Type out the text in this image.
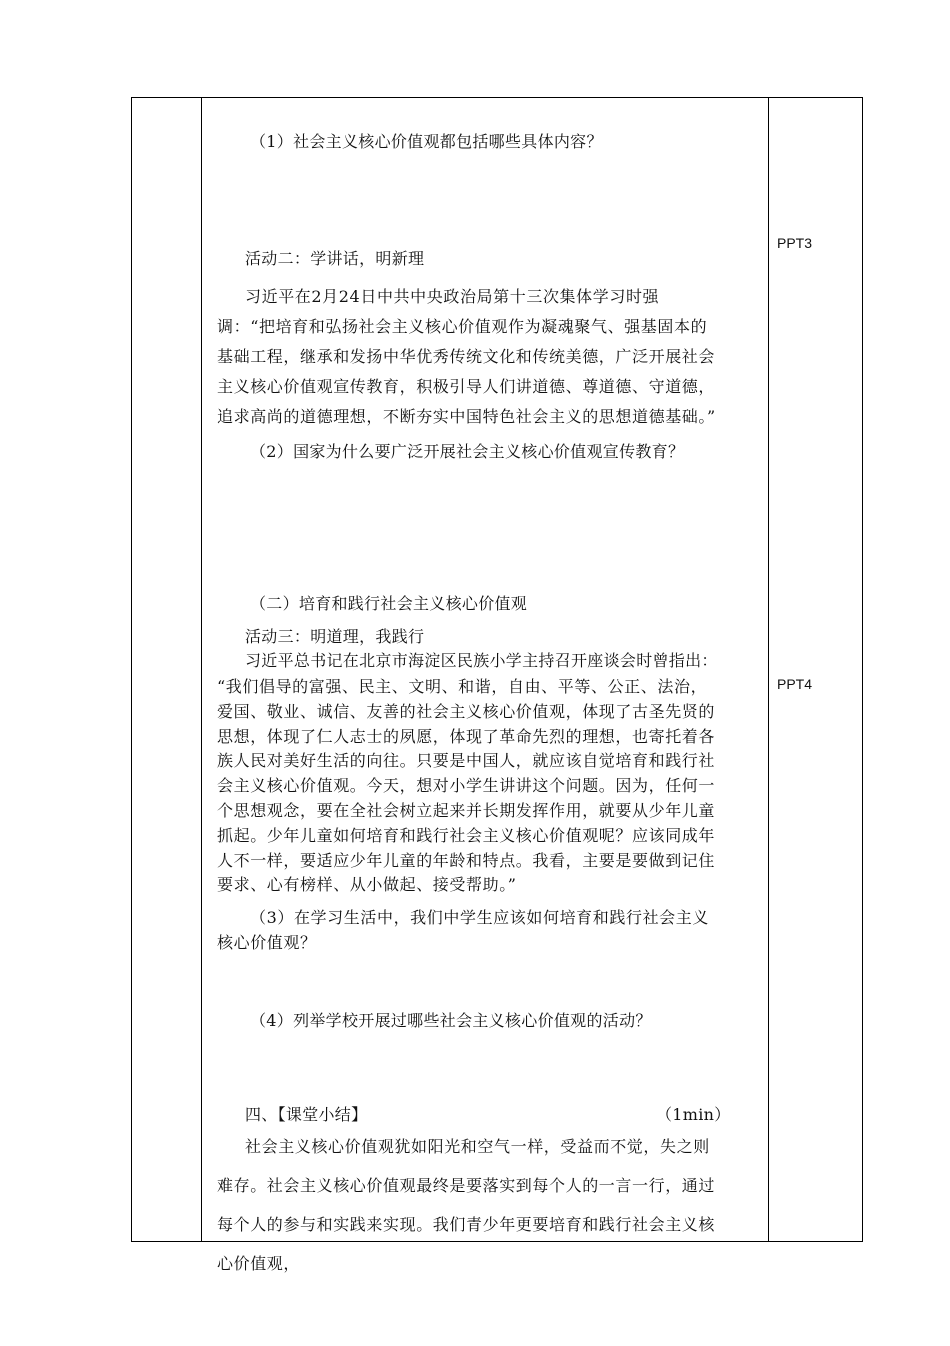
（1）社会主义核心价值观都包括哪些具体内容？
活动二：学讲话，明新理
习近平在2月24日中共中央政治局第十三次集体学习时强调：“把培育和弘扬社会主义核心价值观作为凝魂聚气、强基固本的基础工程，继承和发扬中华优秀传统文化和传统美德，广泛开展社会主义核心价值观宣传教育，积极引导人们讲道德、尊道德、守道德，追求高尚的道德理想，不断夯实中国特色社会主义的思想道德基础。”
（2）国家为什么要广泛开展社会主义核心价值观宣传教育？
（二）培育和践行社会主义核心价值观
活动三：明道理，我践行
习近平总书记在北京市海淀区民族小学主持召开座谈会时曾指出：
“我们倡导的富强、民主、文明、和谐，自由、平等、公正、法治，爱国、敬业、诚信、友善的社会主义核心价值观，体现了古圣先贤的思想，体现了仁人志士的夙愿，体现了革命先烈的理想，也寄托着各族人民对美好生活的向往。只要是中国人，就应该自觉培育和践行社会主义核心价值观。今天，想对小学生讲讲这个问题。因为，任何一个思想观念，要在全社会树立起来并长期发挥作用，就要从少年儿童抓起。少年儿童如何培育和践行社会主义核心价值观呢？应该同成年人不一样，要适应少年儿童的年龄和特点。我看，主要是要做到记住要求、心有榜样、从小做起、接受帮助。”
（3）在学习生活中，我们中学生应该如何培育和践行社会主义核心价值观？
（4）列举学校开展过哪些社会主义核心价值观的活动？
四、【课堂小结】	（1min）
社会主义核心价值观犹如阳光和空气一样，受益而不觉，失之则难存。社会主义核心价值观最终是要落实到每个人的一言一行，通过每个人的参与和实践来实现。我们青少年更要培育和践行社会主义核心价值观，
PPT3
PPT4
